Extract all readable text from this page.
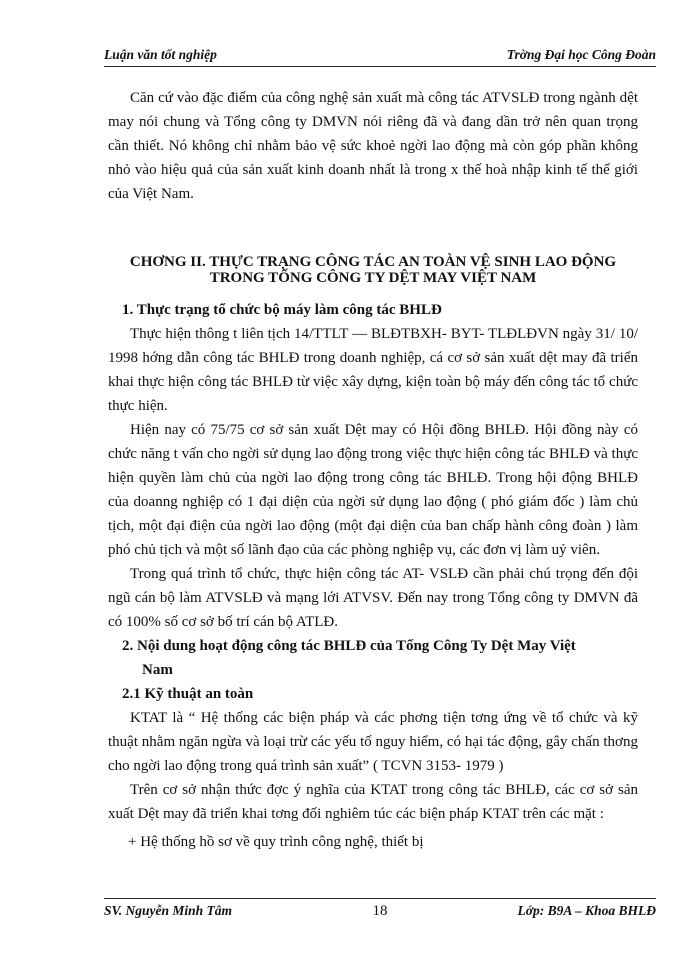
Luận văn tốt nghiệp	Trờng Đại học Công Đoàn

Căn cứ vào đặc điểm của công nghệ sản xuất mà công tác ATVSLĐ trong ngành dệt may nói chung và Tổng công ty DMVN nói riêng đã và đang dần trở nên quan trọng cần thiết. Nó không chỉ nhằm bảo vệ sức khoẻ ngời lao động mà còn góp phần không nhỏ vào hiệu quả của sản xuất kinh doanh nhất là trong x thế hoà nhập kinh tế thế giới của Việt Nam.

CHƠNG II. THỰC TRẠNG CÔNG TÁC AN TOÀN VỆ SINH LAO ĐỘNG TRONG TỔNG CÔNG TY DỆT MAY VIỆT NAM

1. Thực trạng tổ chức bộ máy làm công tác BHLĐ

Thực hiện thông t liên tịch 14/TTLT — BLĐTBXH- BYT- TLĐLĐVN ngày 31/ 10/ 1998 hớng dẫn công tác BHLĐ trong doanh nghiệp, cá cơ sở sản xuất dệt may đã triển khai thực hiện công tác BHLĐ từ việc xây dựng, kiện toàn bộ máy đến công tác tổ chức thực hiện.

Hiện nay có 75/75 cơ sở sản xuất Dệt may có Hội đồng BHLĐ. Hội đồng này có chức năng t vấn cho ngời sử dụng lao động trong việc thực hiện công tác BHLĐ và thực hiện quyền làm chủ của ngời lao động trong công tác BHLĐ. Trong hội động BHLĐ của doanng nghiệp có 1 đại diện của ngời sử dụng lao động ( phó giám đốc ) làm chủ tịch, một đại điện của ngời lao động (một đại diện của ban chấp hành công đoàn ) làm phó chủ tịch và một số lãnh đạo của các phòng nghiệp vụ, các đơn vị làm uỷ viên.

Trong quá trình tổ chức, thực hiện công tác AT- VSLĐ cần phải chú trọng đến đội ngũ cán bộ làm ATVSLĐ và mạng lới ATVSV. Đến nay trong Tổng công ty DMVN đã có 100% số cơ sở bố trí cán bộ ATLĐ.

2. Nội dung hoạt động công tác BHLĐ của Tổng Công Ty Dệt May Việt
Nam

2.1 Kỹ thuật an toàn

KTAT là “ Hệ thống các biện pháp và các phơng tiện tơng ứng về tổ chức và kỹ thuật nhằm ngăn ngừa và loại trừ các yếu tố nguy hiểm, có hại tác động, gây chấn thơng cho ngời lao động trong quá trình sản xuất” ( TCVN 3153- 1979 )

Trên cơ sở nhận thức đợc ý nghĩa của KTAT trong công tác BHLĐ, các cơ sở sản xuất Dệt may đã triển khai tơng đối nghiêm túc các biện pháp KTAT trên các mặt :

+ Hệ thống hồ sơ về quy trình công nghệ, thiết bị

SV. Nguyễn Minh Tâm	18	Lớp: B9A – Khoa BHLĐ
